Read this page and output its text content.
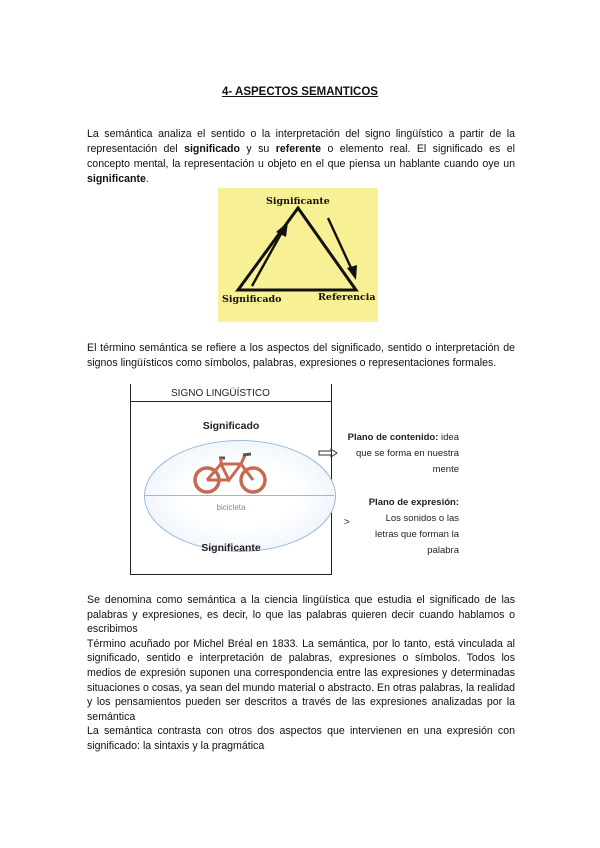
4- ASPECTOS SEMANTICOS

La semántica analiza el sentido o la interpretación del signo lingüístico a partir de la representación del significado y su referente o elemento real. El significado es el concepto mental, la representación u objeto en el que piensa un hablante cuando oye un significante.

Significante
Significado	Referencia

El término semántica se refiere a los aspectos del significado, sentido o interpretación de signos lingüísticos como símbolos, palabras, expresiones o representaciones formales.

SIGNO LINGÜÍSTICO
Significado
bicicleta
Significante
Plano de contenido: idea
que se forma en nuestra
mente
>
Plano de expresión:
Los sonidos o las
letras que forman la
palabra
Se denomina como semántica a la ciencia lingüística que estudia el significado de las palabras y expresiones, es decir, lo que las palabras quieren decir cuando hablamos o escribimos
Término acuñado por Michel Bréal en 1833. La semántica, por lo tanto, está vinculada al significado, sentido e interpretación de palabras, expresiones o símbolos. Todos los medios de expresión suponen una correspondencia entre las expresiones y determinadas situaciones o cosas, ya sean del mundo material o abstracto. En otras palabras, la realidad y los pensamientos pueden ser descritos a través de las expresiones analizadas por la semántica
La semántica contrasta con otros dos aspectos que intervienen en una expresión con significado: la sintaxis y la pragmática
